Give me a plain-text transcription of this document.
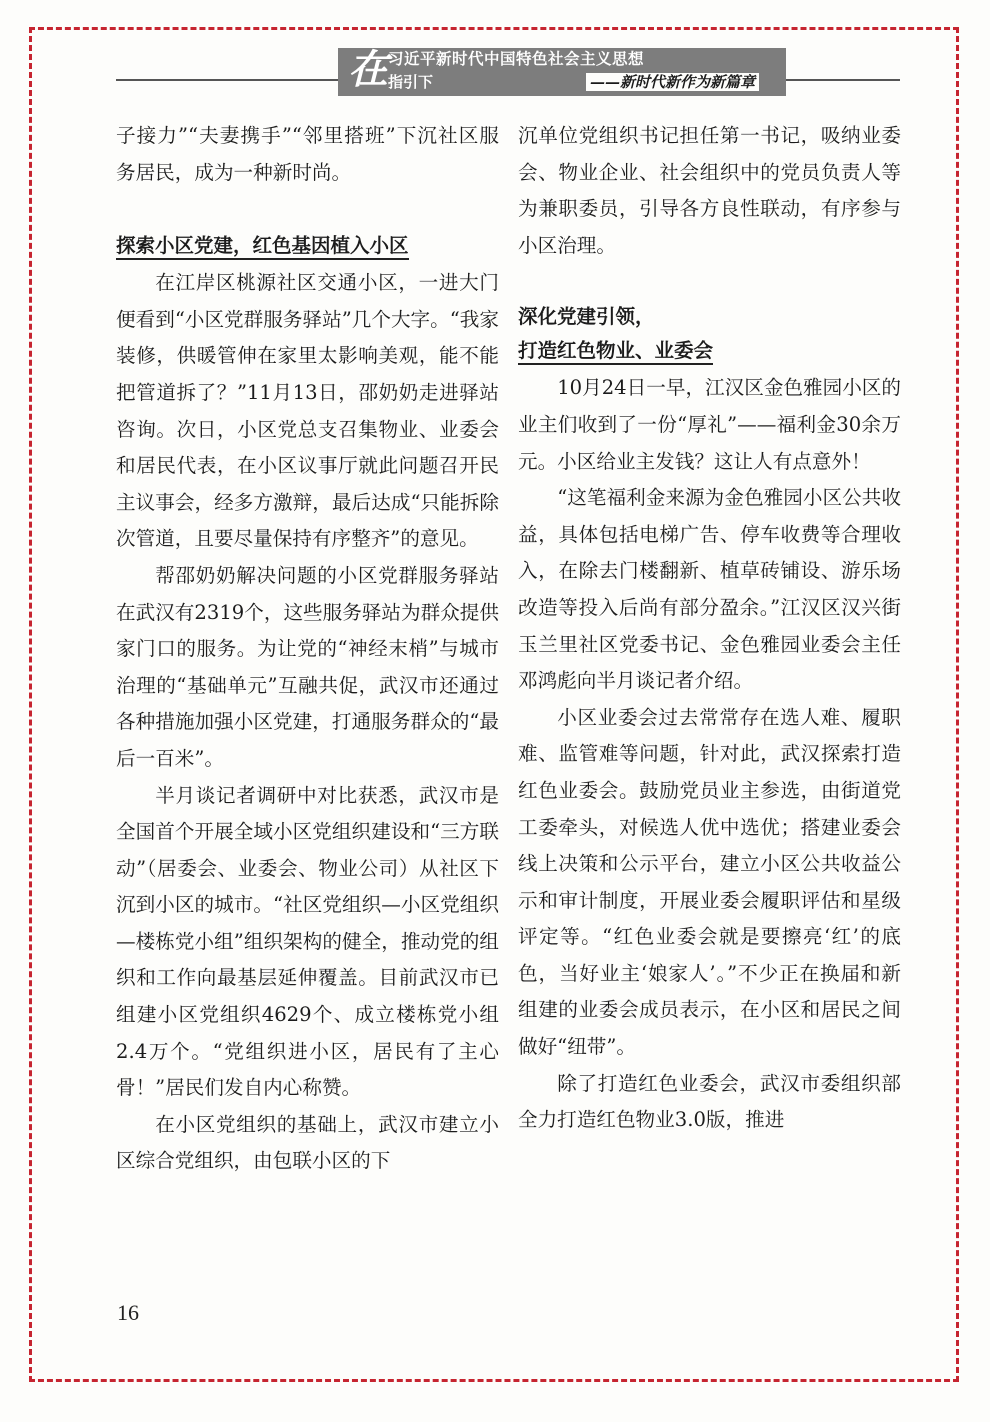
在 习近平新时代中国特色社会主义思想
指引下	——新时代新作为新篇章

子接力”“夫妻携手”“邻里搭班”下沉社区服务居民，成为一种新时尚。

探索小区党建，红色基因植入小区

在江岸区桃源社区交通小区，一进大门便看到“小区党群服务驿站”几个大字。“我家装修，供暖管伸在家里太影响美观，能不能把管道拆了？”11月13日，邵奶奶走进驿站咨询。次日，小区党总支召集物业、业委会和居民代表，在小区议事厅就此问题召开民主议事会，经多方激辩，最后达成“只能拆除次管道，且要尽量保持有序整齐”的意见。

帮邵奶奶解决问题的小区党群服务驿站在武汉有2319个，这些服务驿站为群众提供家门口的服务。为让党的“神经末梢”与城市治理的“基础单元”互融共促，武汉市还通过各种措施加强小区党建，打通服务群众的“最后一百米”。

半月谈记者调研中对比获悉，武汉市是全国首个开展全域小区党组织建设和“三方联动”（居委会、业委会、物业公司）从社区下沉到小区的城市。“社区党组织—小区党组织—楼栋党小组”组织架构的健全，推动党的组织和工作向最基层延伸覆盖。目前武汉市已组建小区党组织4629个、成立楼栋党小组2.4万个。“党组织进小区，居民有了主心骨！”居民们发自内心称赞。

在小区党组织的基础上，武汉市建立小区综合党组织，由包联小区的下

沉单位党组织书记担任第一书记，吸纳业委会、物业企业、社会组织中的党员负责人等为兼职委员，引导各方良性联动，有序参与小区治理。

深化党建引领，
打造红色物业、业委会

10月24日一早，江汉区金色雅园小区的业主们收到了一份“厚礼”——福利金30余万元。小区给业主发钱？这让人有点意外！

“这笔福利金来源为金色雅园小区公共收益，具体包括电梯广告、停车收费等合理收入，在除去门楼翻新、植草砖铺设、游乐场改造等投入后尚有部分盈余。”江汉区汉兴街玉兰里社区党委书记、金色雅园业委会主任邓鸿彪向半月谈记者介绍。

小区业委会过去常常存在选人难、履职难、监管难等问题，针对此，武汉探索打造红色业委会。鼓励党员业主参选，由街道党工委牵头，对候选人优中选优；搭建业委会线上决策和公示平台，建立小区公共收益公示和审计制度，开展业委会履职评估和星级评定等。“红色业委会就是要擦亮‘红’的底色，当好业主‘娘家人’。”不少正在换届和新组建的业委会成员表示，在小区和居民之间做好“纽带”。

除了打造红色业委会，武汉市委组织部全力打造红色物业3.0版，推进

16
